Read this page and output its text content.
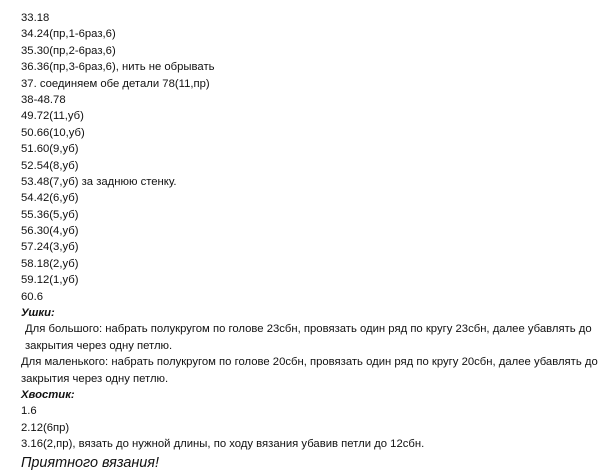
33.18
34.24(пр,1-6раз,6)
35.30(пр,2-6раз,6)
36.36(пр,3-6раз,6), нить не обрывать
37. соединяем обе детали 78(11,пр)
38-48.78
49.72(11,уб)
50.66(10,уб)
51.60(9,уб)
52.54(8,уб)
53.48(7,уб) за заднюю стенку.
54.42(6,уб)
55.36(5,уб)
56.30(4,уб)
57.24(3,уб)
58.18(2,уб)
59.12(1,уб)
60.6
Ушки:
Для большого: набрать полукругом по голове 23сбн, провязать один ряд по кругу 23сбн, далее убавлять до закрытия через одну петлю.
Для маленького: набрать полукругом по голове 20сбн, провязать один ряд по кругу 20сбн, далее убавлять до закрытия через одну петлю.
Хвостик:
1.6
2.12(6пр)
3.16(2,пр), вязать до нужной длины, по ходу вязания убавив петли до 12сбн.
Приятного вязания!
